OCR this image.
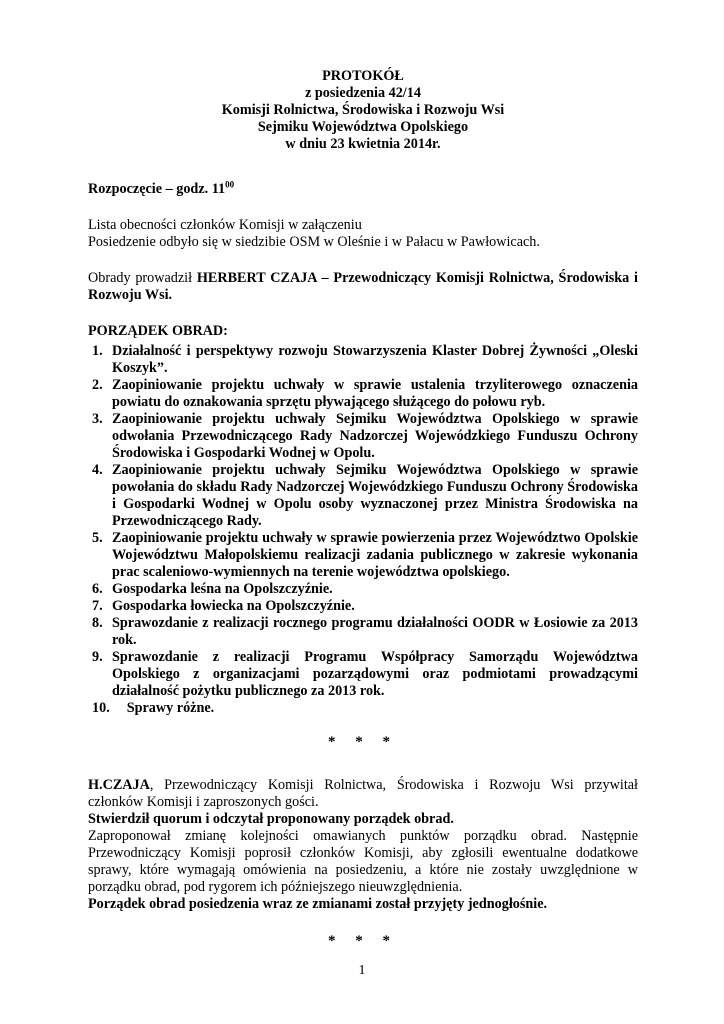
PROTOKÓŁ
z posiedzenia 42/14
Komisji Rolnictwa, Środowiska i Rozwoju Wsi
Sejmiku Województwa Opolskiego
w dniu 23 kwietnia 2014r.

Rozpoczęcie – godz. $11^{00}$

Lista obecności członków Komisji w załączeniu

Posiedzenie odbyło się w siedzibie OSM w Oleśnie i w Pałacu w Pawłowicach.

Obrady prowadził HERBERT CZAJA – Przewodniczący Komisji Rolnictwa, Środowiska i Rozwoju Wsi.

PORZĄDEK OBRAD:

1. Działalność i perspektywy rozwoju Stowarzyszenia Klaster Dobrej Żywności „Oleski Koszyk”.
2. Zaopiniowanie projektu uchwały w sprawie ustalenia trzyliterowego oznaczenia powiatu do oznakowania sprzętu pływającego służącego do połowu ryb.
3. Zaopiniowanie projektu uchwały Sejmiku Województwa Opolskiego w sprawie odwołania Przewodniczącego Rady Nadzorczej Wojewódzkiego Funduszu Ochrony Środowiska i Gospodarki Wodnej w Opolu.
4. Zaopiniowanie projektu uchwały Sejmiku Województwa Opolskiego w sprawie powołania do składu Rady Nadzorczej Wojewódzkiego Funduszu Ochrony Środowiska i Gospodarki Wodnej w Opolu osoby wyznaczonej przez Ministra Środowiska na Przewodniczącego Rady.
5. Zaopiniowanie projektu uchwały w sprawie powierzenia przez Województwo Opolskie Województwu Małopolskiemu realizacji zadania publicznego w zakresie wykonania prac scaleniowo-wymiennych na terenie województwa opolskiego.
6. Gospodarka leśna na Opolszczyźnie.
7. Gospodarka łowiecka na Opolszczyźnie.
8. Sprawozdanie z realizacji rocznego programu działalności OODR w Łosiowie za 2013 rok.
9. Sprawozdanie z realizacji Programu Współpracy Samorządu Województwa Opolskiego z organizacjami pozarządowymi oraz podmiotami prowadzącymi działalność pożytku publicznego za 2013 rok.
10. Sprawy różne.
* * *

H.CZAJA, Przewodniczący Komisji Rolnictwa, Środowiska i Rozwoju Wsi przywitał członków Komisji i zaproszonych gości.

Stwierdził quorum i odczytał proponowany porządek obrad.

Zaproponował zmianę kolejności omawianych punktów porządku obrad. Następnie Przewodniczący Komisji poprosił członków Komisji, aby zgłosili ewentualne dodatkowe sprawy, które wymagają omówienia na posiedzeniu, a które nie zostały uwzględnione w porządku obrad, pod rygorem ich późniejszego nieuwzględnienia.

Porządek obrad posiedzenia wraz ze zmianami został przyjęty jednogłośnie.

* * *
1
